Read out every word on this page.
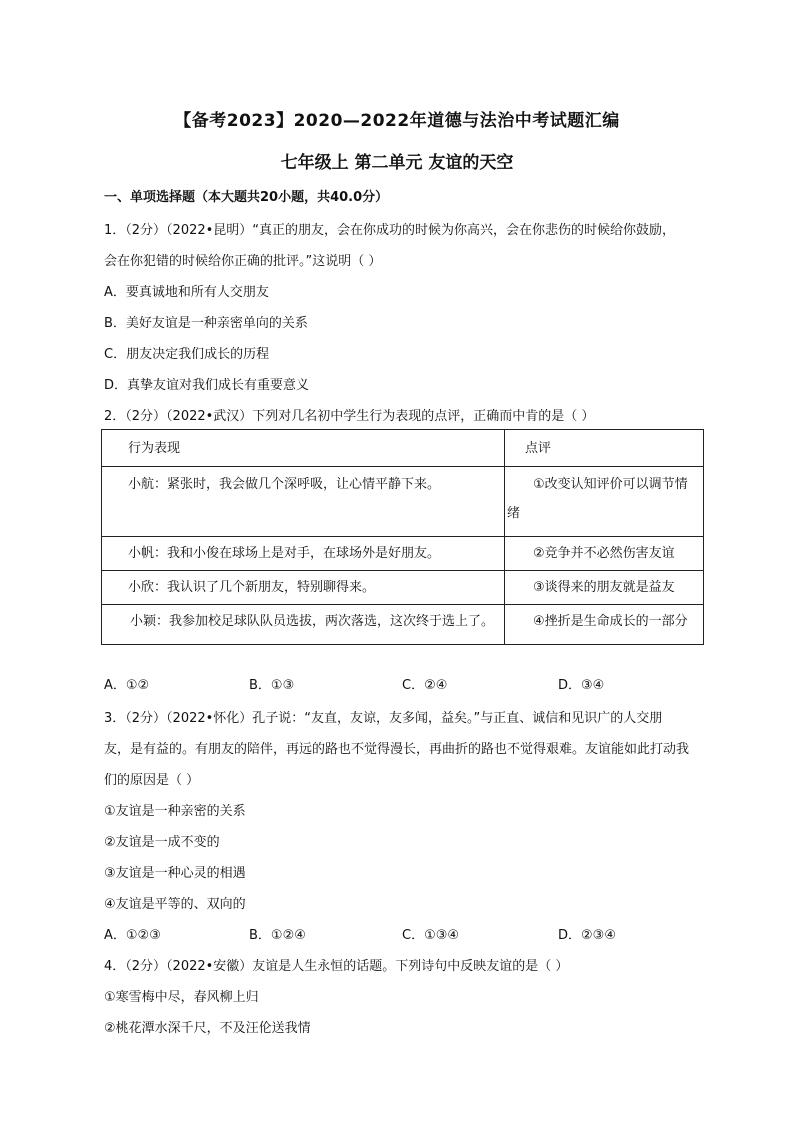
【备考2023】2020—2022年道德与法治中考试题汇编
七年级上 第二单元 友谊的天空
一、单项选择题（本大题共20小题，共40.0分）
1．（2分）（2022•昆明）“真正的朋友，会在你成功的时候为你高兴，会在你悲伤的时候给你鼓励，
会在你犯错的时候给你正确的批评。”这说明（ ）
A．要真诚地和所有人交朋友
B．美好友谊是一种亲密单向的关系
C．朋友决定我们成长的历程
D．真挚友谊对我们成长有重要意义
2．（2分）（2022•武汉）下列对几名初中学生行为表现的点评，正确而中肯的是（ ）
行为表现	点评

小航：紧张时，我会做几个深呼吸，让心情平静下来。	①改变认知评价可以调节情绪

小帆：我和小俊在球场上是对手，在球场外是好朋友。	②竞争并不必然伤害友谊

小欣：我认识了几个新朋友，特别聊得来。	③谈得来的朋友就是益友

小颖：我参加校足球队队员选拔，两次落选，这次终于选上了。	④挫折是生命成长的一部分
A．①②	B．①③	C．②④	D．③④
3．（2分）（2022•怀化）孔子说：“友直，友谅，友多闻，益矣。”与正直、诚信和见识广的人交朋
友，是有益的。有朋友的陪伴，再远的路也不觉得漫长，再曲折的路也不觉得艰难。友谊能如此打动我
们的原因是（ ）
①友谊是一种亲密的关系
②友谊是一成不变的
③友谊是一种心灵的相遇
④友谊是平等的、双向的
A．①②③	B．①②④	C．①③④	D．②③④
4．（2分）（2022•安徽）友谊是人生永恒的话题。下列诗句中反映友谊的是（ ）
①寒雪梅中尽，春风柳上归
②桃花潭水深千尺，不及汪伦送我情
